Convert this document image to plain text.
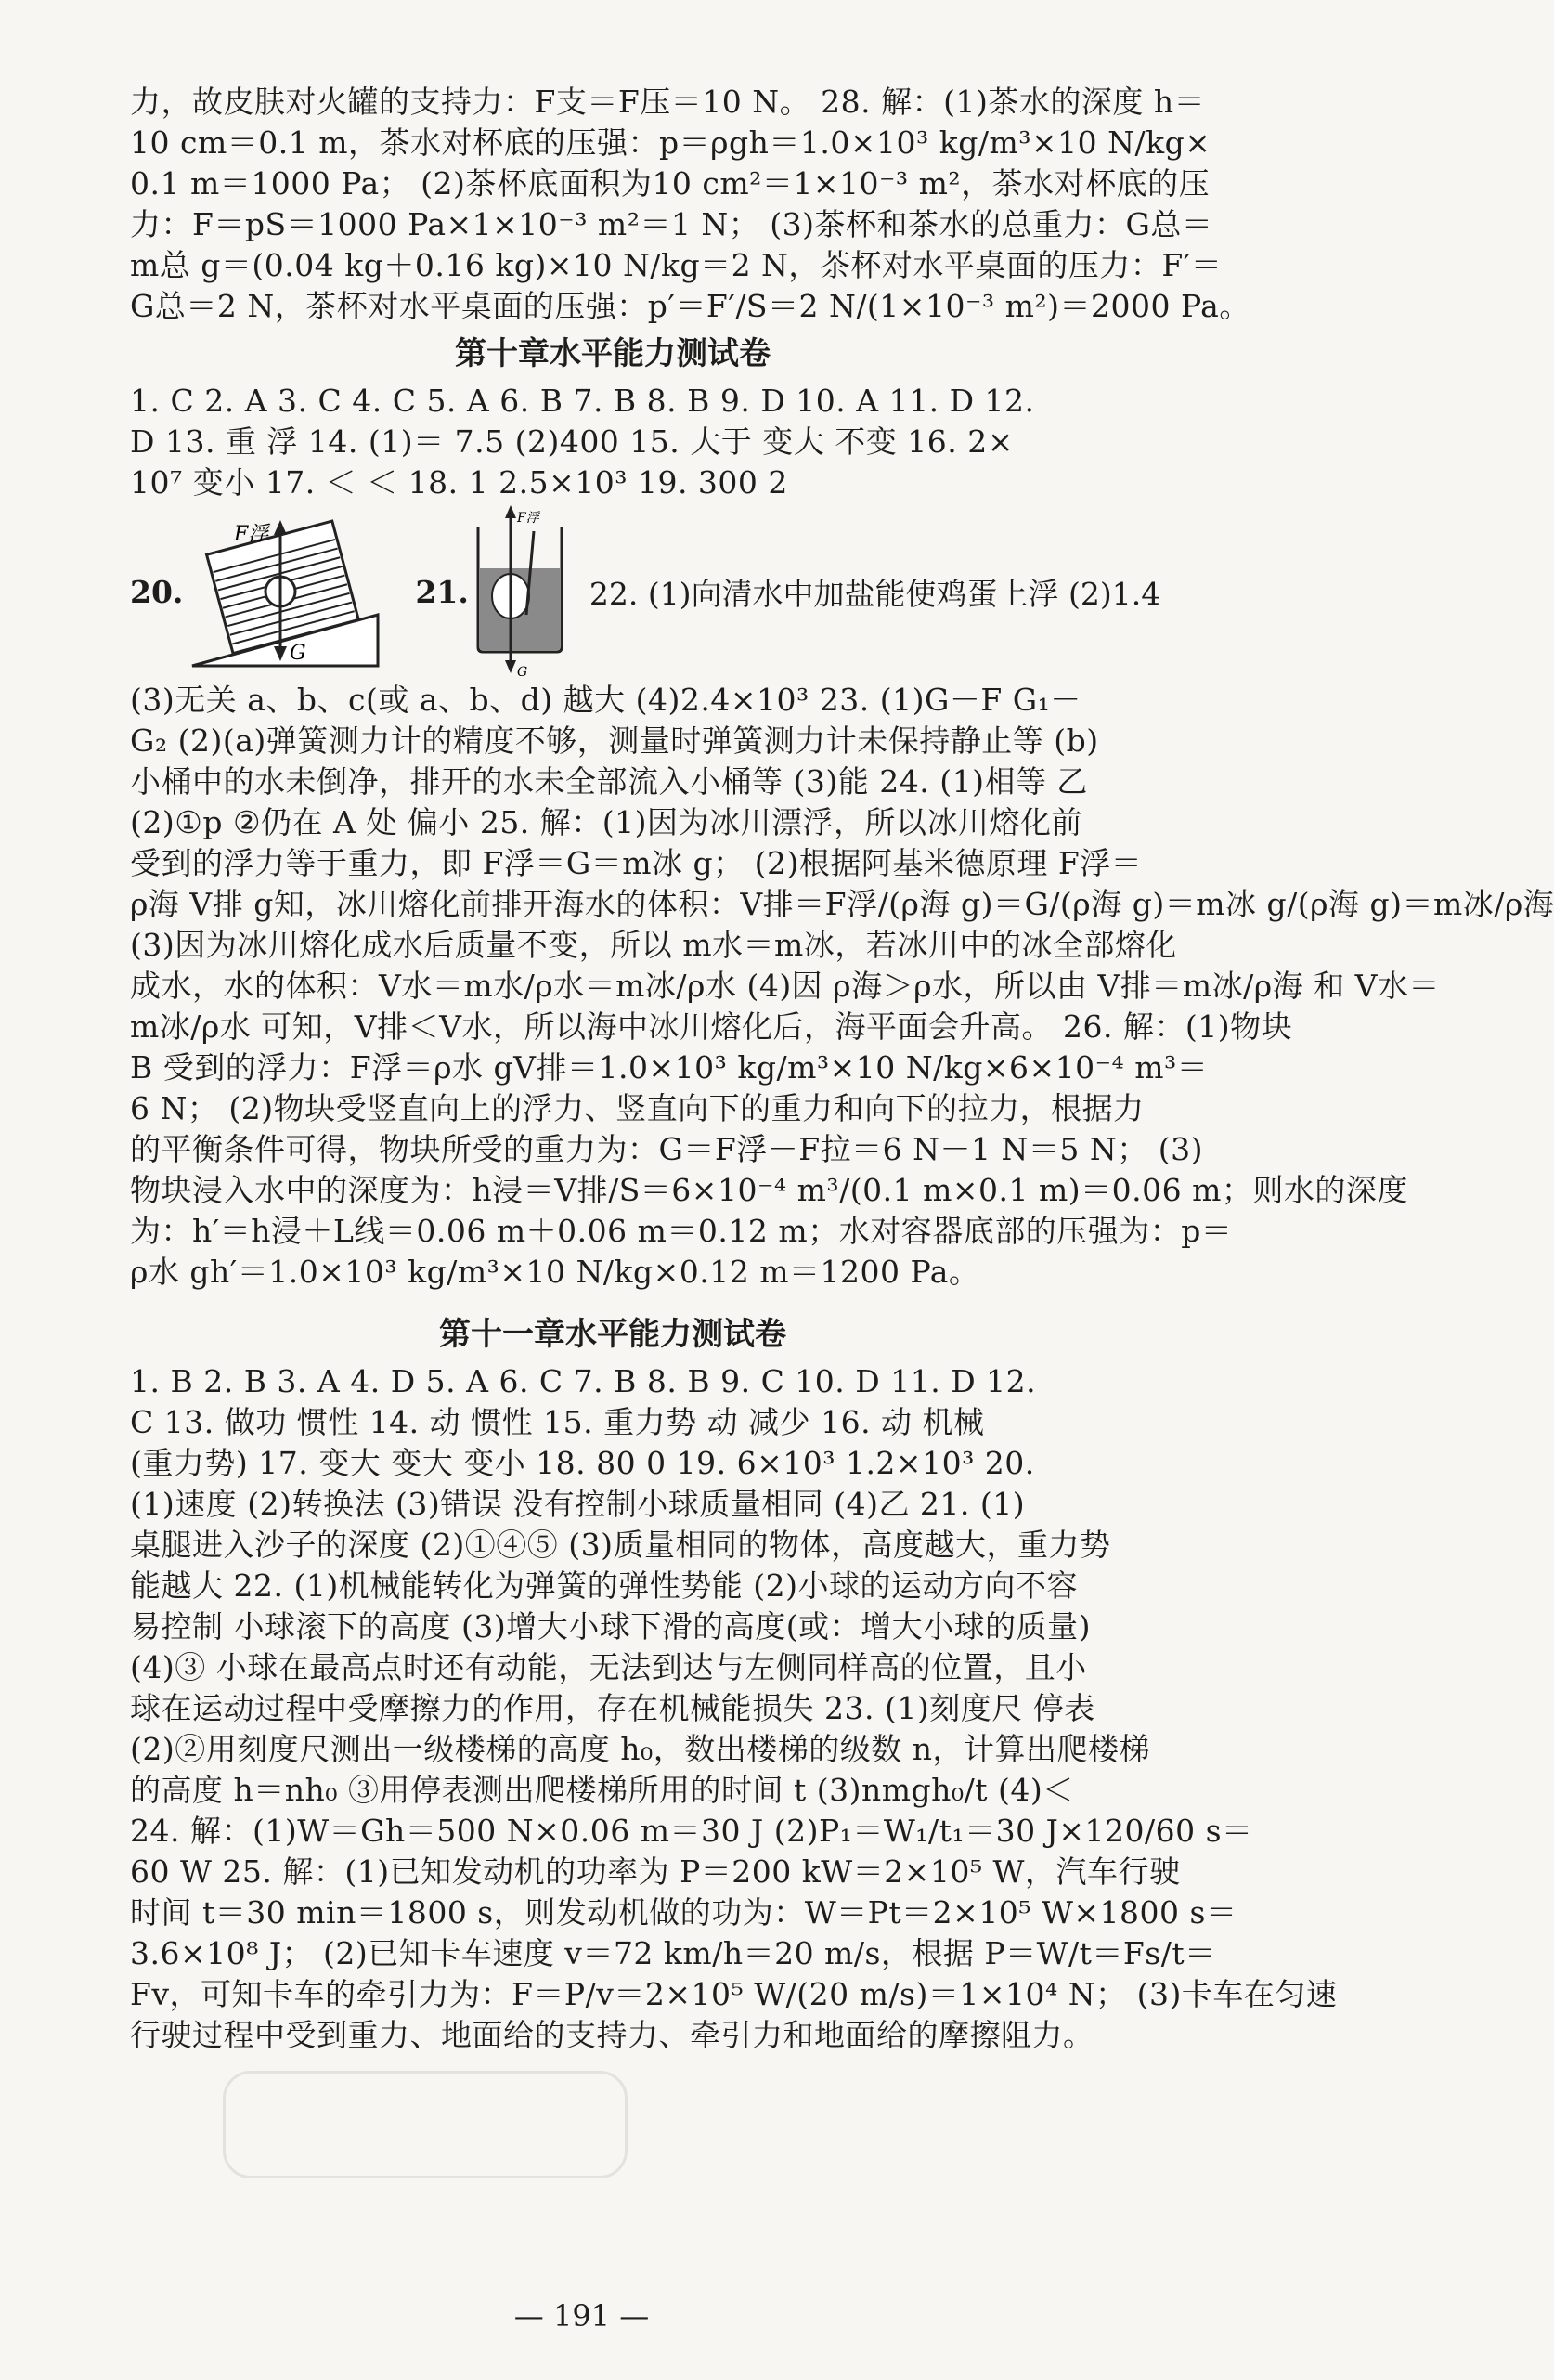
力，故皮肤对火罐的支持力：F支＝F压＝10 N。 28. 解：(1)茶水的深度 h＝
10 cm＝0.1 m，茶水对杯底的压强：p＝ρgh＝1.0×10³ kg/m³×10 N/kg×
0.1 m＝1000 Pa； (2)茶杯底面积为10 cm²＝1×10⁻³ m²，茶水对杯底的压
力：F＝pS＝1000 Pa×1×10⁻³ m²＝1 N； (3)茶杯和茶水的总重力：G总＝
m总 g＝(0.04 kg＋0.16 kg)×10 N/kg＝2 N，茶杯对水平桌面的压力：F′＝
G总＝2 N，茶杯对水平桌面的压强：p′＝F′/S＝2 N/(1×10⁻³ m²)＝2000 Pa。
第十章水平能力测试卷
1. C 2. A 3. C 4. C 5. A 6. B 7. B 8. B 9. D 10. A 11. D 12.
D 13. 重 浮 14. (1)＝ 7.5 (2)400 15. 大于 变大 不变 16. 2×
10⁷ 变小 17. ＜ ＜ 18. 1 2.5×10³ 19. 300 2
20.
F浮
G
21.
F浮
G
22. (1)向清水中加盐能使鸡蛋上浮 (2)1.4
(3)无关 a、b、c(或 a、b、d) 越大 (4)2.4×10³ 23. (1)G－F G₁－
G₂ (2)(a)弹簧测力计的精度不够，测量时弹簧测力计未保持静止等 (b)
小桶中的水未倒净，排开的水未全部流入小桶等 (3)能 24. (1)相等 乙
(2)①p ②仍在 A 处 偏小 25. 解：(1)因为冰川漂浮，所以冰川熔化前
受到的浮力等于重力，即 F浮＝G＝m冰 g； (2)根据阿基米德原理 F浮＝
ρ海 V排 g知，冰川熔化前排开海水的体积：V排＝F浮/(ρ海 g)＝G/(ρ海 g)＝m冰 g/(ρ海 g)＝m冰/ρ海
(3)因为冰川熔化成水后质量不变，所以 m水＝m冰，若冰川中的冰全部熔化
成水，水的体积：V水＝m水/ρ水＝m冰/ρ水 (4)因 ρ海＞ρ水，所以由 V排＝m冰/ρ海 和 V水＝
m冰/ρ水 可知，V排＜V水，所以海中冰川熔化后，海平面会升高。 26. 解：(1)物块
B 受到的浮力：F浮＝ρ水 gV排＝1.0×10³ kg/m³×10 N/kg×6×10⁻⁴ m³＝
6 N； (2)物块受竖直向上的浮力、竖直向下的重力和向下的拉力，根据力
的平衡条件可得，物块所受的重力为：G＝F浮－F拉＝6 N－1 N＝5 N； (3)
物块浸入水中的深度为：h浸＝V排/S＝6×10⁻⁴ m³/(0.1 m×0.1 m)＝0.06 m；则水的深度
为：h′＝h浸＋L线＝0.06 m＋0.06 m＝0.12 m；水对容器底部的压强为：p＝
ρ水 gh′＝1.0×10³ kg/m³×10 N/kg×0.12 m＝1200 Pa。
第十一章水平能力测试卷
1. B 2. B 3. A 4. D 5. A 6. C 7. B 8. B 9. C 10. D 11. D 12.
C 13. 做功 惯性 14. 动 惯性 15. 重力势 动 减少 16. 动 机械
(重力势) 17. 变大 变大 变小 18. 80 0 19. 6×10³ 1.2×10³ 20.
(1)速度 (2)转换法 (3)错误 没有控制小球质量相同 (4)乙 21. (1)
桌腿进入沙子的深度 (2)①④⑤ (3)质量相同的物体，高度越大，重力势
能越大 22. (1)机械能转化为弹簧的弹性势能 (2)小球的运动方向不容
易控制 小球滚下的高度 (3)增大小球下滑的高度(或：增大小球的质量)
(4)③ 小球在最高点时还有动能，无法到达与左侧同样高的位置，且小
球在运动过程中受摩擦力的作用，存在机械能损失 23. (1)刻度尺 停表
(2)②用刻度尺测出一级楼梯的高度 h₀，数出楼梯的级数 n，计算出爬楼梯
的高度 h＝nh₀ ③用停表测出爬楼梯所用的时间 t (3)nmgh₀/t (4)＜
24. 解：(1)W＝Gh＝500 N×0.06 m＝30 J (2)P₁＝W₁/t₁＝30 J×120/60 s＝
60 W 25. 解：(1)已知发动机的功率为 P＝200 kW＝2×10⁵ W，汽车行驶
时间 t＝30 min＝1800 s，则发动机做的功为：W＝Pt＝2×10⁵ W×1800 s＝
3.6×10⁸ J； (2)已知卡车速度 v＝72 km/h＝20 m/s，根据 P＝W/t＝Fs/t＝
Fv，可知卡车的牵引力为：F＝P/v＝2×10⁵ W/(20 m/s)＝1×10⁴ N； (3)卡车在匀速
行驶过程中受到重力、地面给的支持力、牵引力和地面给的摩擦阻力。
— 191 —
